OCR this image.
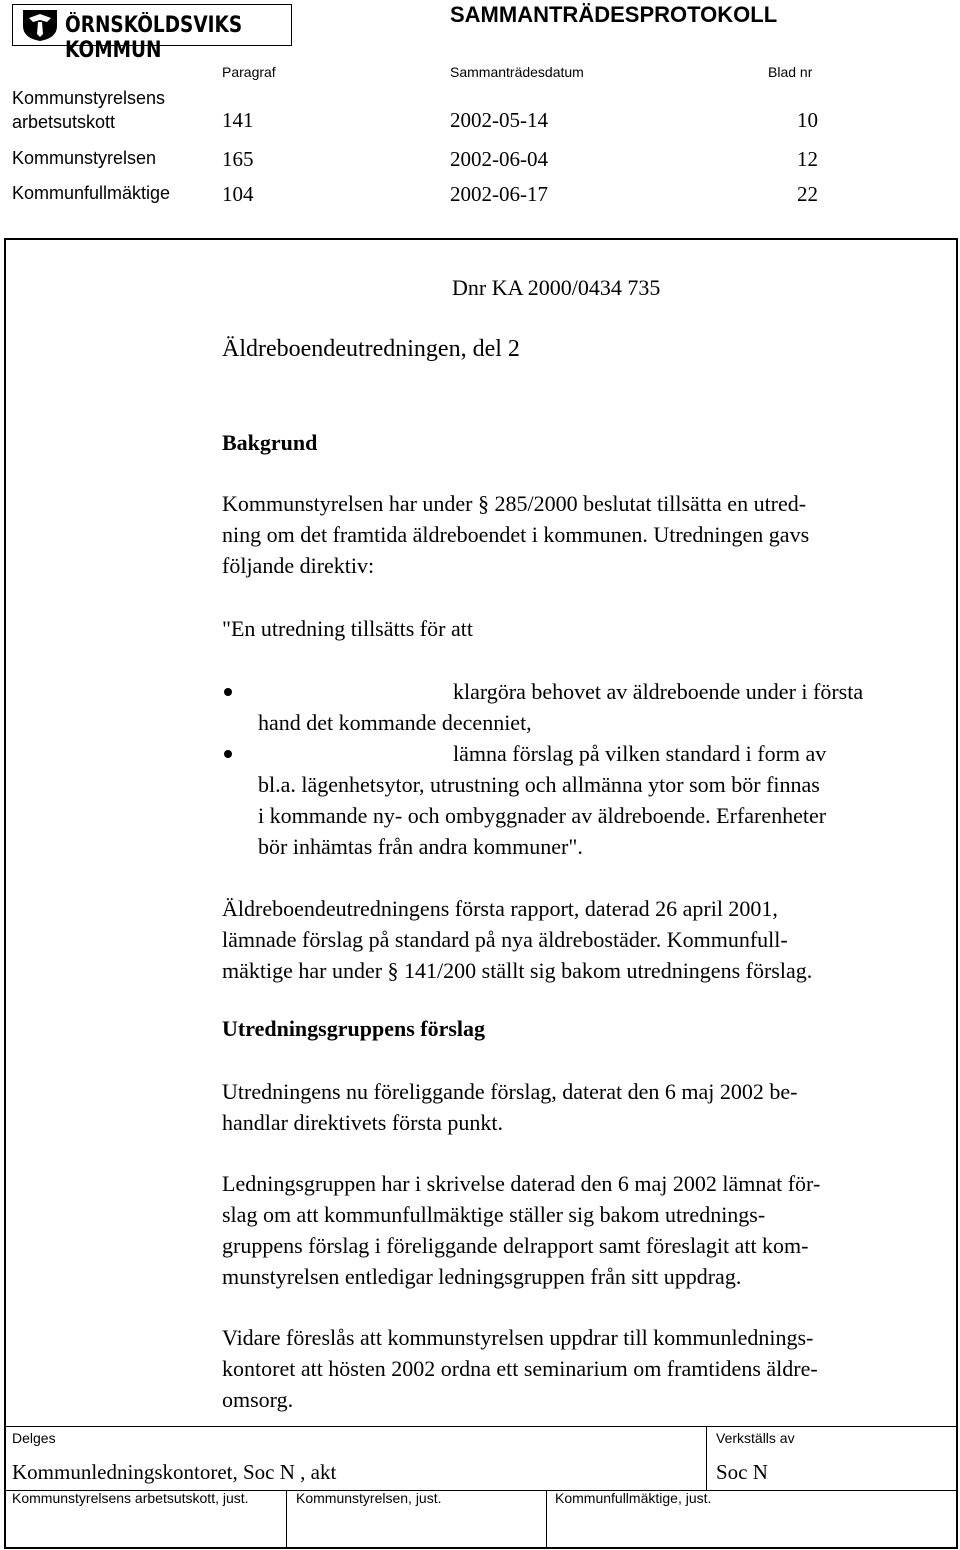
ÖRNSKÖLDSVIKS KOMMUN
SAMMANTRÄDESPROTOKOLL
Paragraf	Sammanträdesdatum	Blad nr
Kommunstyrelsens
arbetsutskott	141	2002-05-14	10
Kommunstyrelsen	165	2002-06-04	12
Kommunfullmäktige 104	2002-06-17	22
Dnr KA 2000/0434 735
Äldreboendeutredningen, del 2
Bakgrund
Kommunstyrelsen har under § 285/2000 beslutat tillsätta en utred-
ning om det framtida äldreboendet i kommunen. Utredningen gavs
följande direktiv:
"En utredning tillsätts för att
klargöra behovet av äldreboende under i första
hand det kommande decenniet,
lämna förslag på vilken standard i form av
bl.a. lägenhetsytor, utrustning och allmänna ytor som bör finnas
i kommande ny- och ombyggnader av äldreboende. Erfarenheter
bör inhämtas från andra kommuner".
Äldreboendeutredningens första rapport, daterad 26 april 2001,
lämnade förslag på standard på nya äldrebostäder. Kommunfull-
mäktige har under § 141/200 ställt sig bakom utredningens förslag.
Utredningsgruppens förslag
Utredningens nu föreliggande förslag, daterat den 6 maj 2002 be-
handlar direktivets första punkt.
Ledningsgruppen har i skrivelse daterad den 6 maj 2002 lämnat för-
slag om att kommunfullmäktige ställer sig bakom utrednings-
gruppens förslag i föreliggande delrapport samt föreslagit att kom-
munstyrelsen entledigar ledningsgruppen från sitt uppdrag.
Vidare föreslås att kommunstyrelsen uppdrar till kommunlednings-
kontoret att hösten 2002 ordna ett seminarium om framtidens äldre-
omsorg.
Delges
Kommunledningskontoret, Soc N , akt
Verkställs av
Soc N
Kommunstyrelsens arbetsutskott, just.	Kommunstyrelsen, just.	Kommunfullmäktige, just.
